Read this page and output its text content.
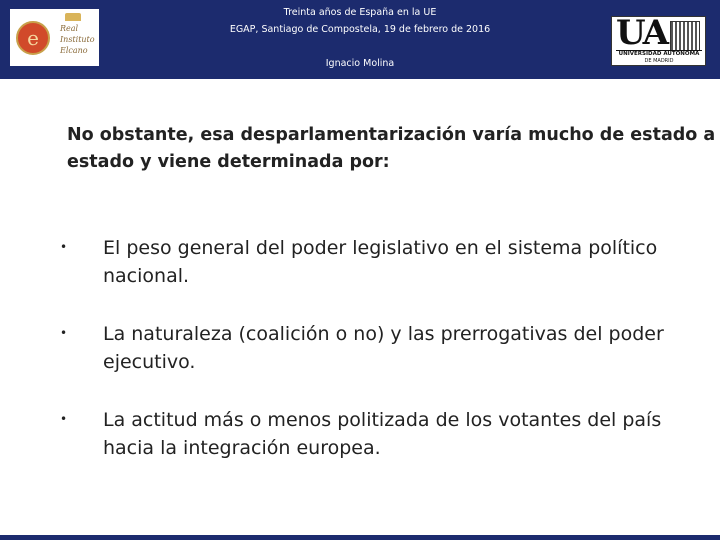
e	Real
Instituto
Elcano
Treinta años de España en la UE
EGAP, Santiago de Compostela, 19 de febrero de 2016
Ignacio Molina
UA
UNIVERSIDAD AUTONOMA
DE MADRID
No obstante, esa desparlamentarización varía mucho de estado a estado y viene determinada por:
• El peso general del poder legislativo en el sistema político nacional.
• La naturaleza (coalición o no) y las prerrogativas del poder ejecutivo.
• La actitud más o menos politizada de los votantes del país hacia la integración europea.
